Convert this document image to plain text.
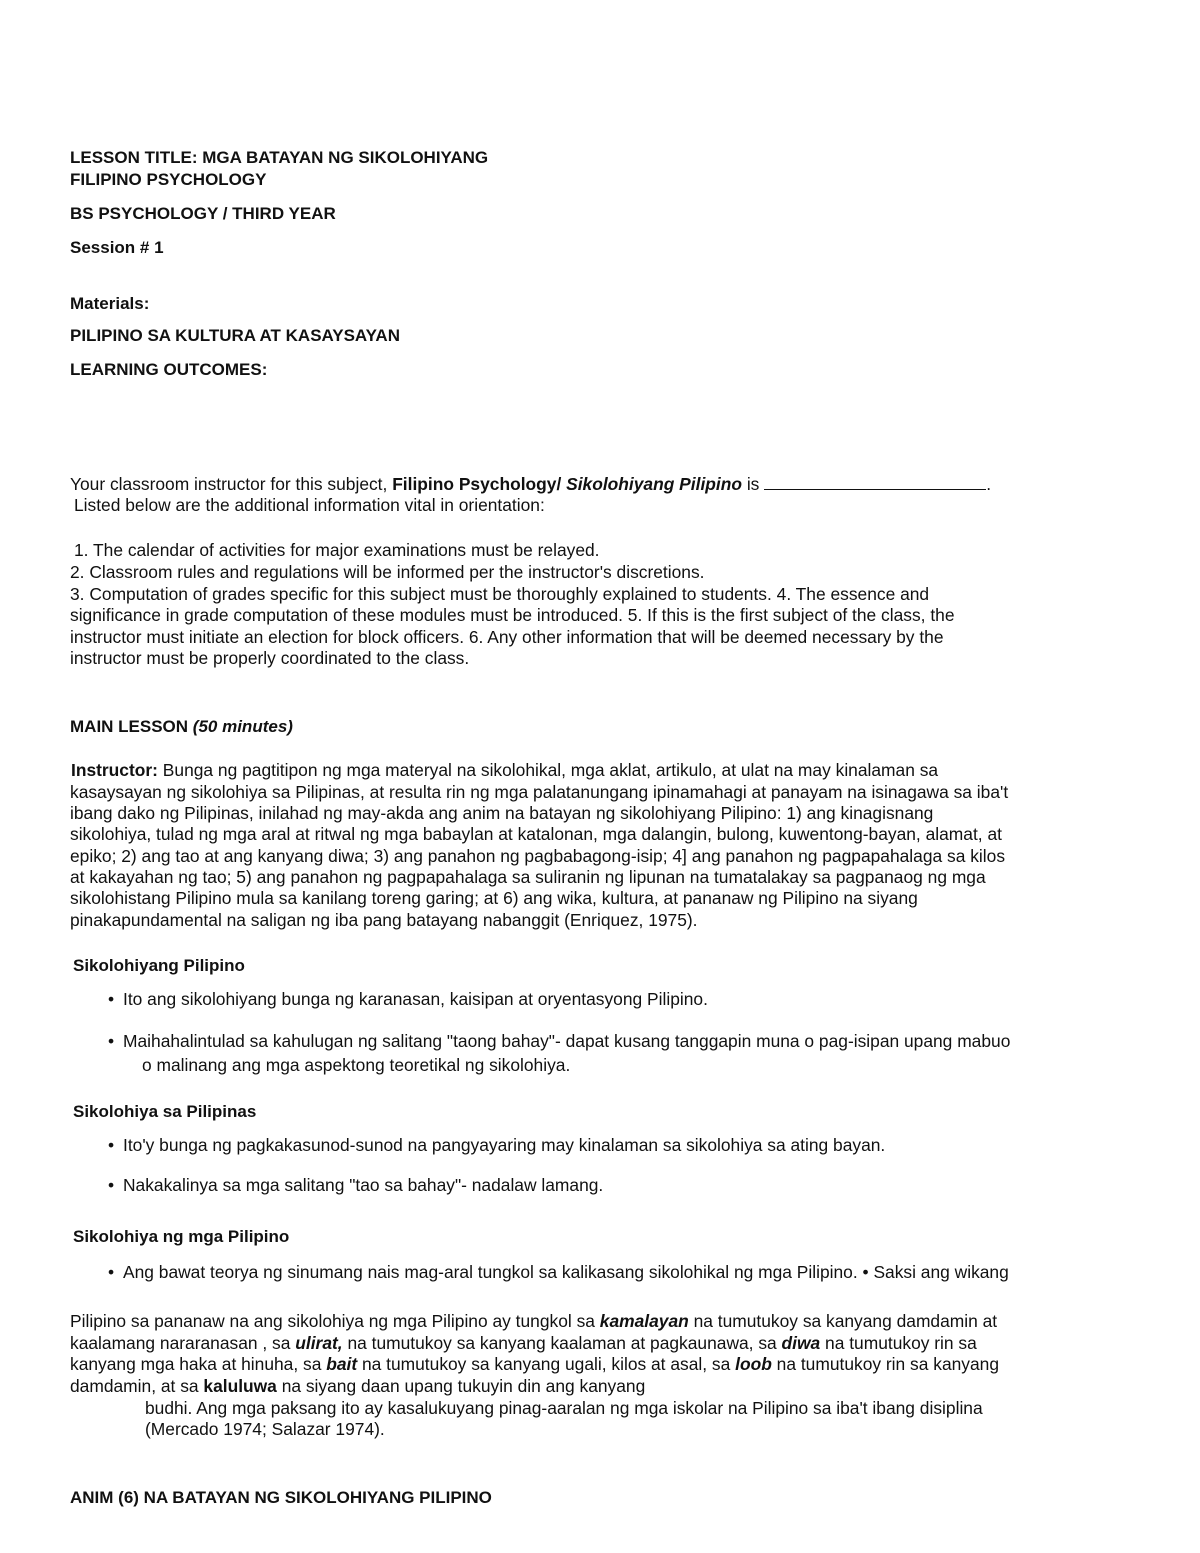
LESSON TITLE: MGA BATAYAN NG SIKOLOHIYANG
FILIPINO PSYCHOLOGY
BS PSYCHOLOGY / THIRD YEAR
Session # 1
Materials:
PILIPINO SA KULTURA AT KASAYSAYAN
LEARNING OUTCOMES:
Your classroom instructor for this subject, Filipino Psychology/ Sikolohiyang Pilipino is	.
Listed below are the additional information vital in orientation:
1. The calendar of activities for major examinations must be relayed.
2. Classroom rules and regulations will be informed per the instructor's discretions.
3. Computation of grades specific for this subject must be thoroughly explained to students. 4. The essence and
significance in grade computation of these modules must be introduced. 5. If this is the first subject of the class, the
instructor must initiate an election for block officers. 6. Any other information that will be deemed necessary by the
instructor must be properly coordinated to the class.
MAIN LESSON (50 minutes)
Instructor: Bunga ng pagtitipon ng mga materyal na sikolohikal, mga aklat, artikulo, at ulat na may kinalaman sa
kasaysayan ng sikolohiya sa Pilipinas, at resulta rin ng mga palatanungang ipinamahagi at panayam na isinagawa sa iba't
ibang dako ng Pilipinas, inilahad ng may-akda ang anim na batayan ng sikolohiyang Pilipino: 1) ang kinagisnang
sikolohiya, tulad ng mga aral at ritwal ng mga babaylan at katalonan, mga dalangin, bulong, kuwentong-bayan, alamat, at
epiko; 2) ang tao at ang kanyang diwa; 3) ang panahon ng pagbabagong-isip; 4] ang panahon ng pagpapahalaga sa kilos
at kakayahan ng tao; 5) ang panahon ng pagpapahalaga sa suliranin ng lipunan na tumatalakay sa pagpanaog ng mga
sikolohistang Pilipino mula sa kanilang toreng garing; at 6) ang wika, kultura, at pananaw ng Pilipino na siyang
pinakapundamental na saligan ng iba pang batayang nabanggit (Enriquez, 1975).
Sikolohiyang Pilipino
• Ito ang sikolohiyang bunga ng karanasan, kaisipan at oryentasyong Pilipino.
• Maihahalintulad sa kahulugan ng salitang "taong bahay"- dapat kusang tanggapin muna o pag-isipan upang mabuo
o malinang ang mga aspektong teoretikal ng sikolohiya.
Sikolohiya sa Pilipinas
• Ito'y bunga ng pagkakasunod-sunod na pangyayaring may kinalaman sa sikolohiya sa ating bayan.
• Nakakalinya sa mga salitang "tao sa bahay"- nadalaw lamang.
Sikolohiya ng mga Pilipino
• Ang bawat teorya ng sinumang nais mag-aral tungkol sa kalikasang sikolohikal ng mga Pilipino. • Saksi ang wikang
Pilipino sa pananaw na ang sikolohiya ng mga Pilipino ay tungkol sa kamalayan na tumutukoy sa kanyang damdamin at
kaalamang nararanasan , sa ulirat, na tumutukoy sa kanyang kaalaman at pagkaunawa, sa diwa na tumutukoy rin sa
kanyang mga haka at hinuha, sa bait na tumutukoy sa kanyang ugali, kilos at asal, sa loob na tumutukoy rin sa kanyang
damdamin, at sa kaluluwa na siyang daan upang tukuyin din ang kanyang
budhi. Ang mga paksang ito ay kasalukuyang pinag-aaralan ng mga iskolar na Pilipino sa iba't ibang disiplina
(Mercado 1974; Salazar 1974).
ANIM (6) NA BATAYAN NG SIKOLOHIYANG PILIPINO
